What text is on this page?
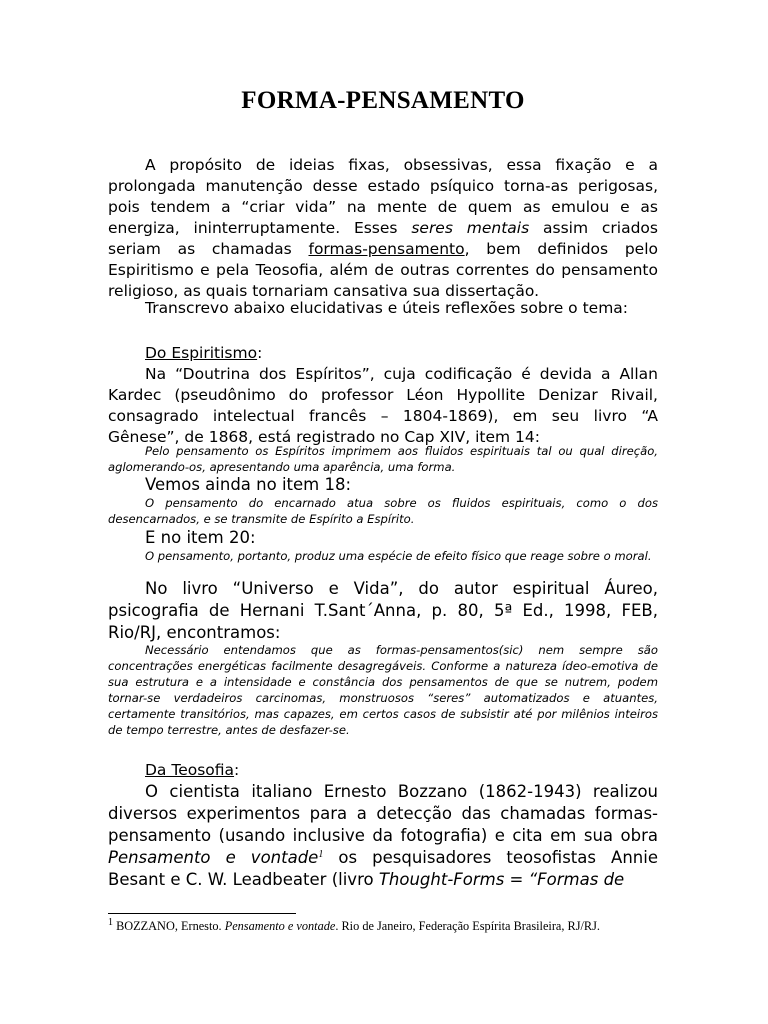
FORMA-PENSAMENTO

A propósito de ideias fixas, obsessivas, essa fixação e a prolongada manutenção desse estado psíquico torna-as perigosas, pois tendem a “criar vida” na mente de quem as emulou e as energiza, ininterruptamente. Esses seres mentais assim criados seriam as chamadas formas-pensamento, bem definidos pelo Espiritismo e pela Teosofia, além de outras correntes do pensamento religioso, as quais tornariam cansativa sua dissertação.

Transcrevo abaixo elucidativas e úteis reflexões sobre o tema:

Do Espiritismo:

Na “Doutrina dos Espíritos”, cuja codificação é devida a Allan Kardec (pseudônimo do professor Léon Hypollite Denizar Rivail, consagrado intelectual francês – 1804-1869), em seu livro “A Gênese”, de 1868, está registrado no Cap XIV, item 14:

Pelo pensamento os Espíritos imprimem aos fluidos espirituais tal ou qual direção, aglomerando-os, apresentando uma aparência, uma forma.

Vemos ainda no item 18:

O pensamento do encarnado atua sobre os fluidos espirituais, como o dos desencarnados, e se transmite de Espírito a Espírito.

E no item 20:

O pensamento, portanto, produz uma espécie de efeito físico que reage sobre o moral.

No livro “Universo e Vida”, do autor espiritual Áureo, psicografia de Hernani T.Sant´Anna, p. 80, 5ª Ed., 1998, FEB, Rio/RJ, encontramos:

Necessário entendamos que as formas-pensamentos(sic) nem sempre são concentrações energéticas facilmente desagregáveis. Conforme a natureza ídeo-emotiva de sua estrutura e a intensidade e constância dos pensamentos de que se nutrem, podem tornar-se verdadeiros carcinomas, monstruosos “seres” automatizados e atuantes, certamente transitórios, mas capazes, em certos casos de subsistir até por milênios inteiros de tempo terrestre, antes de desfazer-se.

Da Teosofia:

O cientista italiano Ernesto Bozzano (1862-1943) realizou diversos experimentos para a detecção das chamadas formas-pensamento (usando inclusive da fotografia) e cita em sua obra Pensamento e vontade$^1$ os pesquisadores teosofistas Annie Besant e C. W. Leadbeater (livro Thought-Forms = “Formas de

$^1$ BOZZANO, Ernesto. Pensamento e vontade. Rio de Janeiro, Federação Espírita Brasileira, RJ/RJ.
